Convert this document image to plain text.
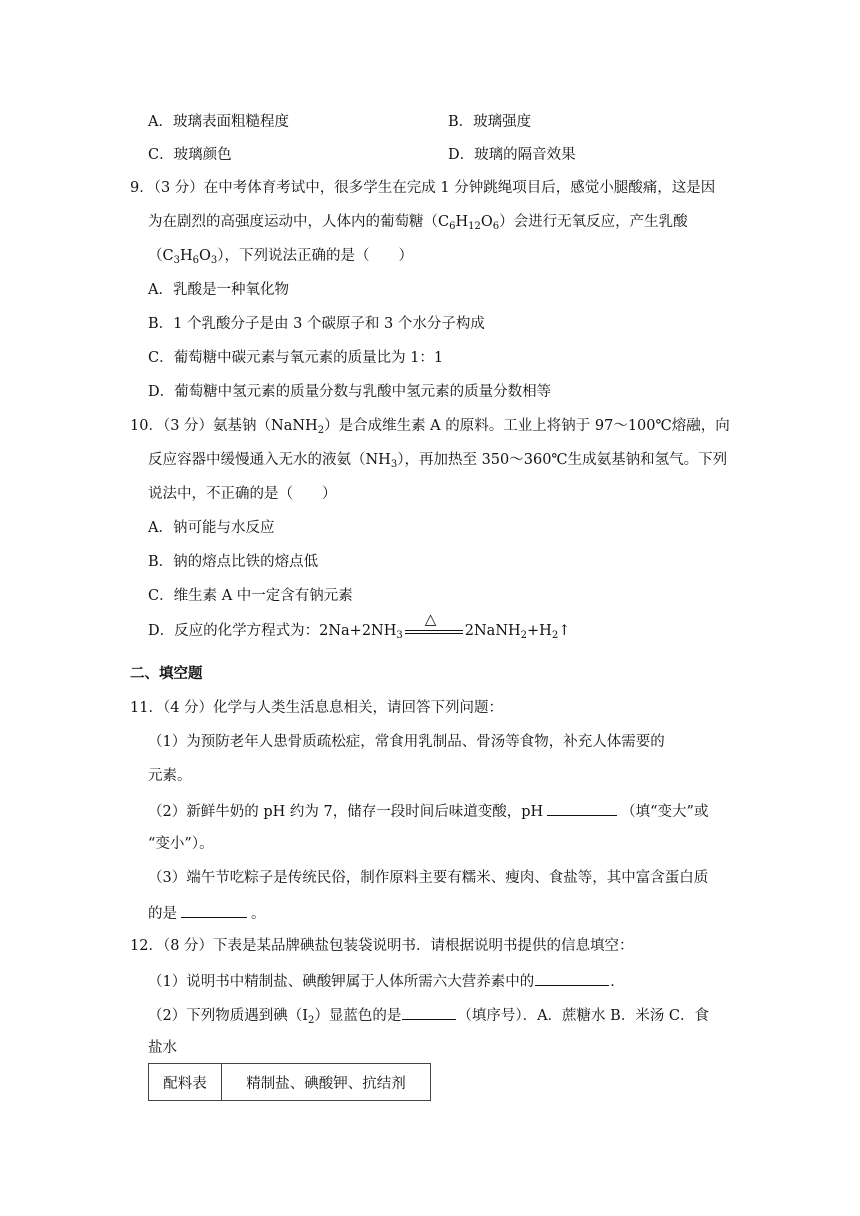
A．玻璃表面粗糙程度	B．玻璃强度
C．玻璃颜色	D．玻璃的隔音效果
9．（3 分）在中考体育考试中，很多学生在完成 1 分钟跳绳项目后，感觉小腿酸痛，这是因
为在剧烈的高强度运动中，人体内的葡萄糖$(C_6H_{12}O_6)$会进行无氧反应，产生乳酸
$(C_3H_6O_3)$，下列说法正确的是（　　）
A．乳酸是一种氧化物
B．1 个乳酸分子是由 3 个碳原子和 3 个水分子构成
C．葡萄糖中碳元素与氧元素的质量比为 1：1
D．葡萄糖中氢元素的质量分数与乳酸中氢元素的质量分数相等
10．（3 分）氨基钠（NaNH$_2$）是合成维生素 A 的原料。工业上将钠于 97～100℃熔融，向
反应容器中缓慢通入无水的液氨$(NH_3)$，再加热至 350～360℃生成氨基钠和氢气。下列
说法中，不正确的是（　　）
A．钠可能与水反应
B．钠的熔点比铁的熔点低
C．维生素 A 中一定含有钠元素
D．反应的化学方程式为：$2Na+2NH_3$
△
$2NaNH_2+H_2↑$
二、填空题
11．（4 分）化学与人类生活息息相关，请回答下列问题：
（1）为预防老年人患骨质疏松症，常食用乳制品、骨汤等食物，补充人体需要的
元素。
（2）新鲜牛奶的 pH 约为 7，储存一段时间后味道变酸，pH	（填“变大”或
“变小”）。
（3）端午节吃粽子是传统民俗，制作原料主要有糯米、瘦肉、食盐等，其中富含蛋白质
的是	。
12．（8 分）下表是某品牌碘盐包装袋说明书．请根据说明书提供的信息填空：
（1）说明书中精制盐、碘酸钾属于人体所需六大营养素中的	．
（2）下列物质遇到碘$(I_2)$显蓝色的是	（填序号）．A．蔗糖水 B．米汤 C．食
盐水
配料表	精制盐、碘酸钾、抗结剂
